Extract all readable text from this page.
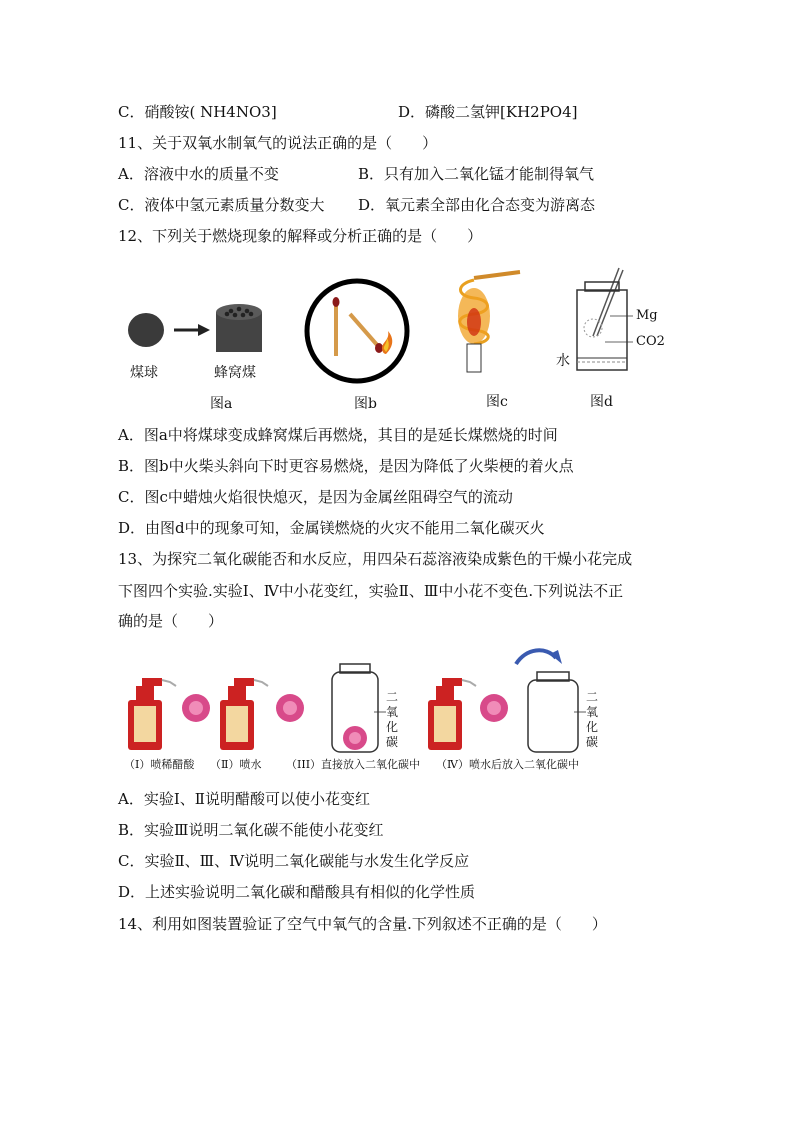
C．硝酸铵( NH4NO3]	D．磷酸二氢钾[KH2PO4]
11、关于双氧水制氧气的说法正确的是（　　）
A．溶液中水的质量不变	B．只有加入二氧化锰才能制得氧气
C．液体中氢元素质量分数变大 D．氧元素全部由化合态变为游离态
12、下列关于燃烧现象的解释或分析正确的是（　　）
煤球	蜂窝煤
图a	图b	图c
Mg
CO2
水
图d
A．图a中将煤球变成蜂窝煤后再燃烧，其目的是延长煤燃烧的时间
B．图b中火柴头斜向下时更容易燃烧，是因为降低了火柴梗的着火点
C．图c中蜡烛火焰很快熄灭，是因为金属丝阻碍空气的流动
D．由图d中的现象可知，金属镁燃烧的火灾不能用二氧化碳灭火
13、为探究二氧化碳能否和水反应，用四朵石蕊溶液染成紫色的干燥小花完成
下图四个实验.实验Ⅰ、Ⅳ中小花变红，实验Ⅱ、Ⅲ中小花不变色.下列说法不正
确的是（　　）
二氧化碳
二氧化碳
（I）喷稀醋酸 （Ⅱ）喷水 （III）直接放入二氧化碳中 （Ⅳ）喷水后放入二氧化碳中
A．实验Ⅰ、Ⅱ说明醋酸可以使小花变红
B．实验Ⅲ说明二氧化碳不能使小花变红
C．实验Ⅱ、Ⅲ、Ⅳ说明二氧化碳能与水发生化学反应
D．上述实验说明二氧化碳和醋酸具有相似的化学性质
14、利用如图装置验证了空气中氧气的含量.下列叙述不正确的是（　　）
